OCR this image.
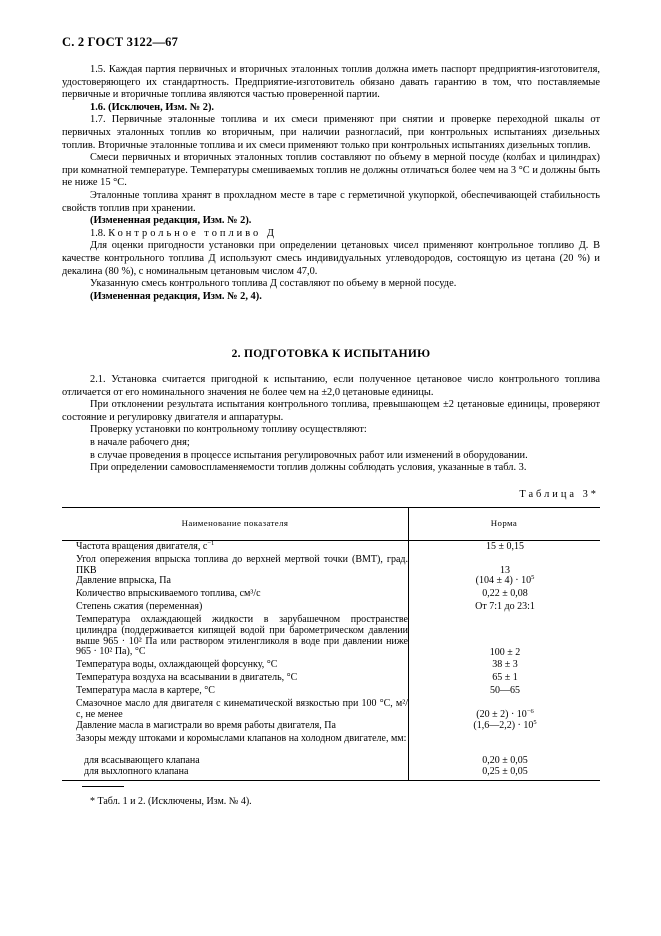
С. 2 ГОСТ 3122—67

1.5. Каждая партия первичных и вторичных эталонных топлив должна иметь паспорт предприятия-изготовителя, удостоверяющего их стандартность. Предприятие-изготовитель обязано давать гарантию в том, что поставляемые первичные и вторичные топлива являются частью проверенной партии.

1.6. (Исключен, Изм. № 2).

1.7. Первичные эталонные топлива и их смеси применяют при снятии и проверке переходной шкалы от первичных эталонных топлив ко вторичным, при наличии разногласий, при контрольных испытаниях дизельных топлив. Вторичные эталонные топлива и их смеси применяют только при контрольных испытаниях дизельных топлив.

Смеси первичных и вторичных эталонных топлив составляют по объему в мерной посуде (колбах и цилиндрах) при комнатной температуре. Температуры смешиваемых топлив не должны отличаться более чем на 3 °С и должны быть не ниже 15 °С.

Эталонные топлива хранят в прохладном месте в таре с герметичной укупоркой, обеспечивающей стабильность свойств топлив при хранении.

(Измененная редакция, Изм. № 2).

1.8. Контрольное топливо Д

Для оценки пригодности установки при определении цетановых чисел применяют контрольное топливо Д. В качестве контрольного топлива Д используют смесь индивидуальных углеводородов, состоящую из цетана (20 %) и декалина (80 %), с номинальным цетановым числом 47,0.

Указанную смесь контрольного топлива Д составляют по объему в мерной посуде.

(Измененная редакция, Изм. № 2, 4).

2. ПОДГОТОВКА К ИСПЫТАНИЮ

2.1. Установка считается пригодной к испытанию, если полученное цетановое число контрольного топлива отличается от его номинального значения не более чем на ±2,0 цетановые единицы.

При отклонении результата испытания контрольного топлива, превышающем ±2 цетановые единицы, проверяют состояние и регулировку двигателя и аппаратуры.

Проверку установки по контрольному топливу осуществляют:

в начале рабочего дня;

в случае проведения в процессе испытания регулировочных работ или изменений в оборудовании.

При определении самовоспламеняемости топлив должны соблюдать условия, указанные в табл. 3.

Таблица 3*
Наименование показателя	Норма
Частота вращения двигателя, $с^{-1}$	15 ± 0,15
Угол опережения впрыска топлива до верхней мертвой точки (ВМТ), град. ПКВ	13
Давление впрыска, Па	$(104 \pm 4) \cdot 10^5$
Количество впрыскиваемого топлива, см³/с	0,22 ± 0,08
Степень сжатия (переменная)	От 7:1 до 23:1
Температура охлаждающей жидкости в зарубашечном пространстве цилиндра (поддерживается кипящей водой при барометрическом давлении выше 965 · 10² Па или раствором этиленгликоля в воде при давлении ниже 965 · 10² Па), °С	100 ± 2
Температура воды, охлаждающей форсунку, °С	38 ± 3
Температура воздуха на всасывании в двигатель, °С	65 ± 1
Температура масла в картере, °С	50—65
Смазочное масло для двигателя с кинематической вязкостью при 100 °С, м²/с, не менее	$(20 \pm 2) \cdot 10^{-6}$
Давление масла в магистрали во время работы двигателя, Па	(1,6—2,2) · $10^5$
Зазоры между штоками и коромыслами клапанов на холодном двигателе, мм:
для всасывающего клапана	0,20 ± 0,05
для выхлопного клапана	0,25 ± 0,05
* Табл. 1 и 2. (Исключены, Изм. № 4).
